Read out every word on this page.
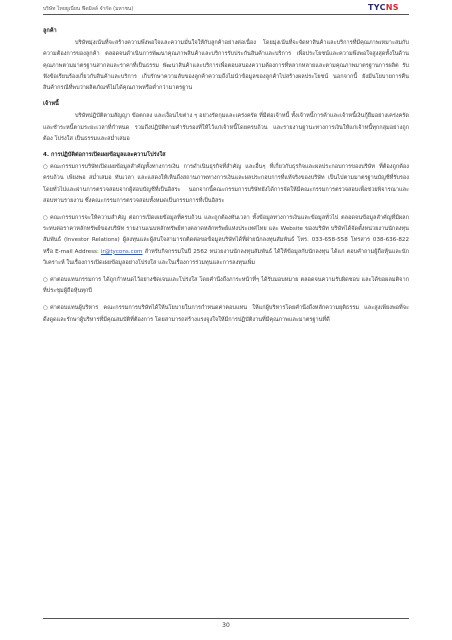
บริษัท ไทยยูเนี่ยน ฟีดมิลล์ จำกัด (มหาชน)	TYCNS
ลูกค้า

บริษัทมุ่งเน้นที่จะสร้างความพึงพอใจและความมั่นใจให้กับลูกค้าอย่างต่อเนื่อง โดยมุ่งเน้นที่จะจัดหาสินค้าและบริการที่มีคุณภาพเหมาะสมกับความต้องการของลูกค้า ตลอดจนดำเนินการพัฒนาคุณภาพสินค้าและบริการรับประกันสินค้าและบริการ เพื่อประโยชน์และความพึงพอใจสูงสุดทั้งในด้านคุณภาพตามมาตรฐานสากลและราคาที่เป็นธรรม พัฒนาสินค้าและบริการเพื่อตอบสนองความต้องการที่หลากหลายและตามคุณภาพมาตรฐานการผลิต รับฟังข้อเรียนร้องเกี่ยวกับสินค้าและบริการ เก็บรักษาความลับของลูกค้าความถึงไม่นำข้อมูลของลูกค้าไปสร้างผลประโยชน์ นอกจากนี้ ยังมีนโยบายการคืนสินค้ากรณีที่พบว่าผลิตภัณฑ์ไม่ได้คุณภาพหรือต่ำกว่ามาตรฐาน

เจ้าหนี้

บริษัทปฏิบัติตามสัญญา ข้อตกลง และเงื่อนไขต่าง ๆ อย่างรัดกุมและเคร่งครัด ที่มีต่อเจ้าหนี้ ทั้งเจ้าหนี้การค้าและเจ้าหนี้เงินกู้ยืมอย่างเคร่งครัดและชำระหนี้ตามระยะเวลาที่กำหนด รวมถึงปฏิบัติตามคำรับรองที่ให้ไว้แก่เจ้าหนี้โดยครบถ้วน และรายงานฐานะทางการเงินให้แก่เจ้าหนี้ทุกกลุ่มอย่างถูกต้อง โปร่งใส เป็นธรรมและสม่ำเสมอ

4. การปฏิบัติต่อการเปิดเผยข้อมูลและความโปร่งใส

○ คณะกรรมการบริษัทเปิดเผยข้อมูลสำคัญทั้งทางการเงิน การดำเนินธุรกิจที่สำคัญ และอื่นๆ ที่เกี่ยวกับธุรกิจและผลประกอบการของบริษัท ที่ต้องถูกต้อง ครบถ้วน เพียงพอ สม่ำเสมอ ทันเวลา และแสดงให้เห็นถึงสถานภาพทางการเงินและผลประกอบการที่แท้จริงของบริษัท เป็นไปตามมาตรฐานบัญชีที่รับรองโดยทั่วไปและผ่านการตรวจสอบจากผู้สอบบัญชีที่เป็นอิสระ นอกจากนี้คณะกรรมการบริษัทยังได้การจัดให้มีคณะกรรมการตรวจสอบเพื่อช่วยพิจารณาและสอบทานรายงาน ซึ่งคณะกรรมการตรวจสอบทั้งหมดเป็นกรรมการที่เป็นอิสระ

○ คณะกรรมการจะให้ความสำคัญ ต่อการเปิดเผยข้อมูลที่ครบถ้วน และถูกต้องทันเวลา ทั้งข้อมูลทางการเงินและข้อมูลทั่วไป ตลอดจนข้อมูลสำคัญที่มีผลกระทบต่อราคาหลักทรัพย์ของบริษัท รายงานแนบหลักทรัพย์ทางตลาดหลักทรัพย์แห่งประเทศไทย และ Website ของบริษัท บริษัทได้จัดตั้งหน่วยงานนักลงทุนสัมพันธ์ (Investor Relations) ผู้ลงทุนและผู้สนใจสามารถติดต่อขอข้อมูลบริษัทได้ที่ฝ่ายนักลงทุนสัมพันธ์ โทร. 033-658-558 โทรสาร 038-636-822 หรือ E-mail Address: ir@tycons.com สำหรับกิจกรรมในปี 2562 หน่วยงานนักลงทุนสัมพันธ์ ได้ให้ข้อมูลกับนักลงทุน ได้แก่ ตอบคำถามผู้ถือหุ้นและนักวิเคราะห์ ในเรื่องการเปิดเผยข้อมูลอย่างโปร่งใส และในเรื่องการร่วมทุนและการลงทุนเพิ่ม

○ ค่าตอบแทนกรรมการ ได้ถูกกำหนดไว้อย่างชัดเจนและโปร่งใส โดยคำนึงถึงภาระหน้าที่ๆ ได้รับมอบหมาย ตลอดจนความรับผิดชอบ และได้ขอผลมติจากที่ประชุมผู้ถือหุ้นทุกปี

○ ค่าตอบแทนผู้บริหาร คณะกรรมการบริษัทได้ให้นโยบายในการกำหนดค่าตอบแทน ให้แก่ผู้บริหารโดยคำนึงถึงหลักความยุติธรรม และสูงเพียงพอที่จะดึงดูดและรักษาผู้บริหารที่มีคุณสมบัติที่ต้องการ โดยสามารถสร้างแรงจูงใจให้มีการปฏิบัติงานที่มีคุณภาพและมาตรฐานที่ดี

30
